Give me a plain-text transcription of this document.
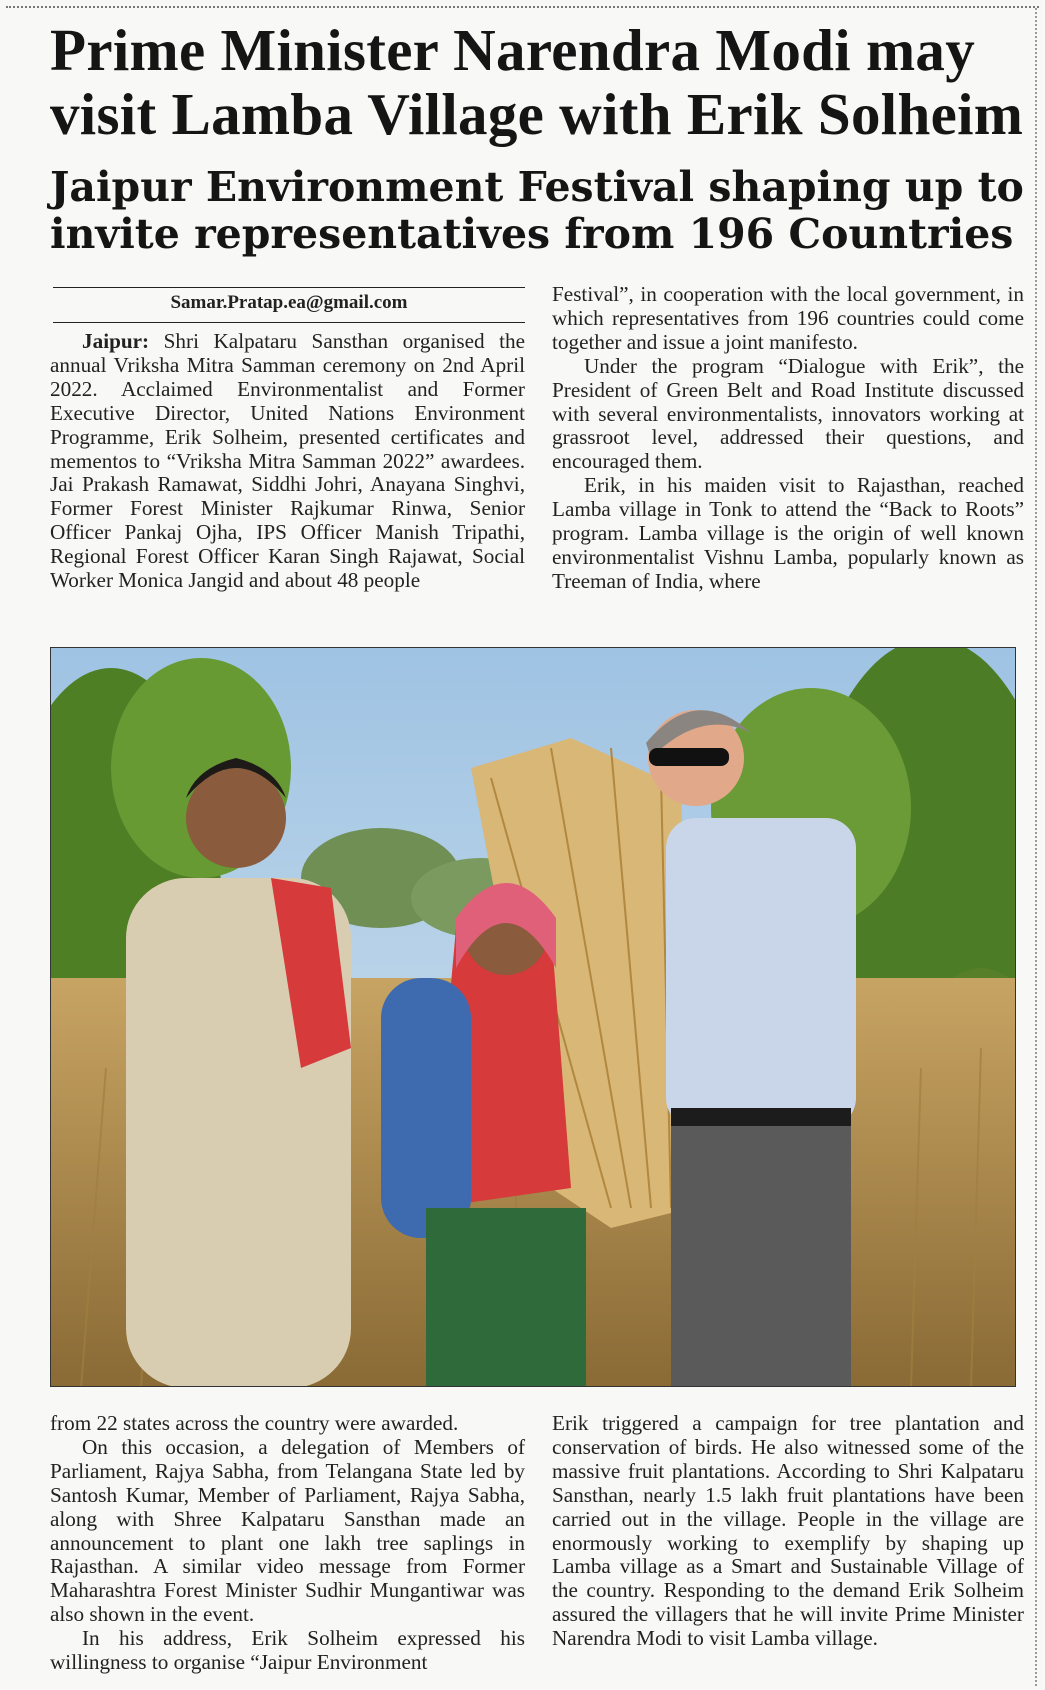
Prime Minister Narendra Modi may
visit Lamba Village with Erik Solheim
Jaipur Environment Festival shaping up to
invite representatives from 196 Countries
Samar.Pratap.ea@gmail.com

Jaipur: Shri Kalpataru Sansthan organised the annual Vriksha Mitra Samman ceremony on 2nd April 2022. Acclaimed Environmentalist and Former Executive Director, United Nations Environment Programme, Erik Solheim, presented certificates and mementos to “Vriksha Mitra Samman 2022” awardees. Jai Prakash Ramawat, Siddhi Johri, Anayana Singhvi, Former Forest Minister Rajkumar Rinwa, Senior Officer Pankaj Ojha, IPS Officer Manish Tripathi, Regional Forest Officer Karan Singh Rajawat, Social Worker Monica Jangid and about 48 people

Festival”, in cooperation with the local government, in which representatives from 196 countries could come together and issue a joint manifesto.

Under the program “Dialogue with Erik”, the President of Green Belt and Road Institute discussed with several environmentalists, innovators working at grassroot level, addressed their questions, and encouraged them.

Erik, in his maiden visit to Rajasthan, reached Lamba village in Tonk to attend the “Back to Roots” program. Lamba village is the origin of well known environmentalist Vishnu Lamba, popularly known as Treeman of India, where

from 22 states across the country were awarded.

On this occasion, a delegation of Members of Parliament, Rajya Sabha, from Telangana State led by Santosh Kumar, Member of Parliament, Rajya Sabha, along with Shree Kalpataru Sansthan made an announcement to plant one lakh tree saplings in Rajasthan. A similar video message from Former Maharashtra Forest Minister Sudhir Mungantiwar was also shown in the event.

In his address, Erik Solheim expressed his willingness to organise “Jaipur Environment

Erik triggered a campaign for tree plantation and conservation of birds. He also witnessed some of the massive fruit plantations. According to Shri Kalpataru Sansthan, nearly 1.5 lakh fruit plantations have been carried out in the village. People in the village are enormously working to exemplify by shaping up Lamba village as a Smart and Sustainable Village of the country. Responding to the demand Erik Solheim assured the villagers that he will invite Prime Minister Narendra Modi to visit Lamba village.
